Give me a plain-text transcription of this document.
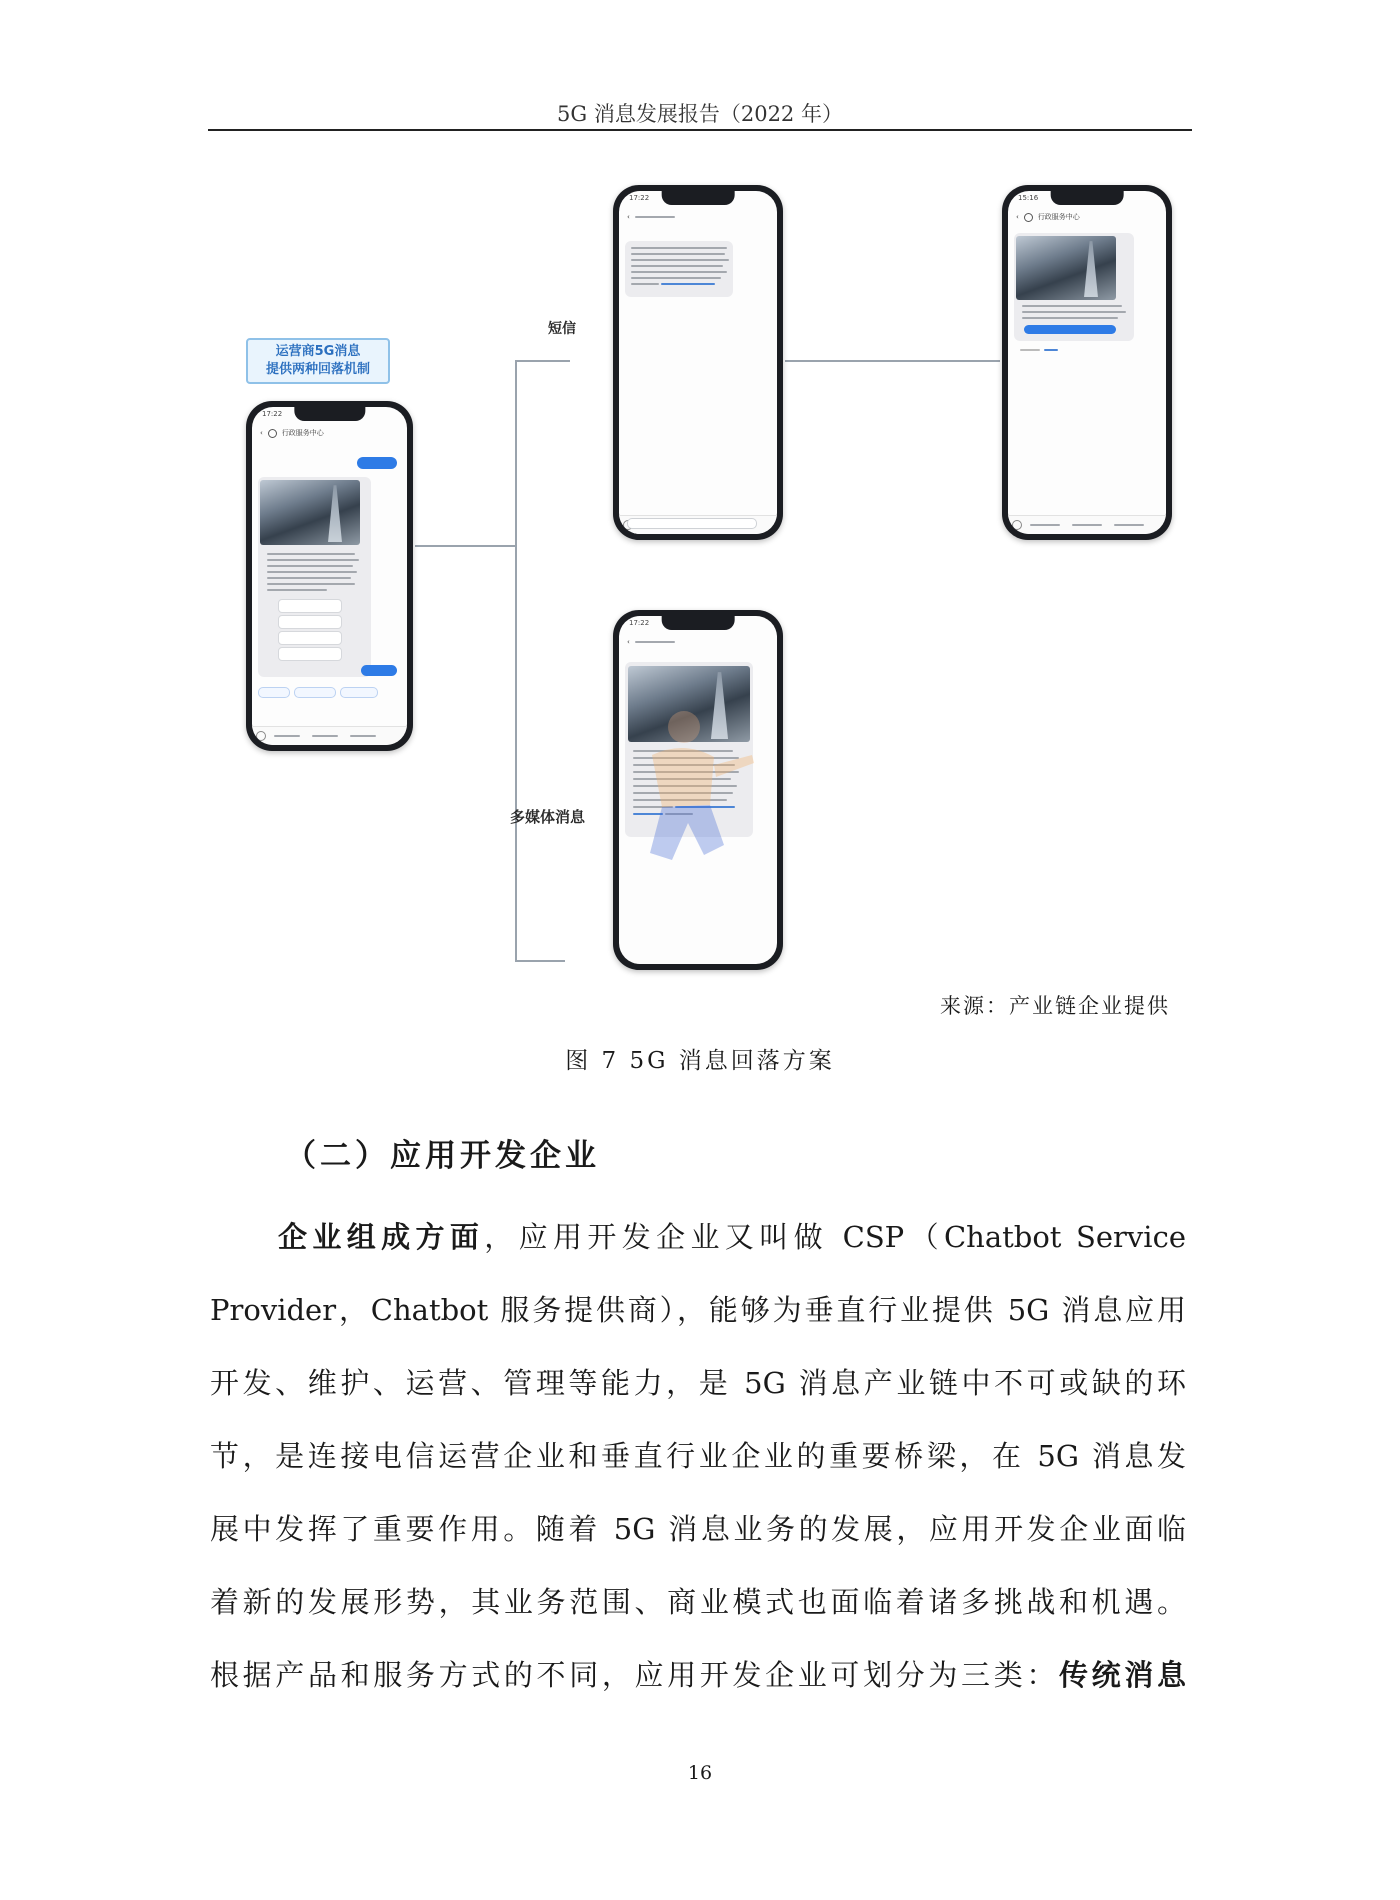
5G 消息发展报告（2022 年）
运营商5G消息
提供两种回落机制
短信
多媒体消息
17:22
‹	行政服务中心
17:22
‹
15:16
‹	行政服务中心
17:22
‹
来源：产业链企业提供
图 7 5G 消息回落方案
（二）应用开发企业
企业组成方面，应用开发企业又叫做 CSP（Chatbot Service
Provider，Chatbot 服务提供商），能够为垂直行业提供 5G 消息应用
开发、维护、运营、管理等能力，是 5G 消息产业链中不可或缺的环
节，是连接电信运营企业和垂直行业企业的重要桥梁，在 5G 消息发
展中发挥了重要作用。随着 5G 消息业务的发展，应用开发企业面临
着新的发展形势，其业务范围、商业模式也面临着诸多挑战和机遇。
根据产品和服务方式的不同，应用开发企业可划分为三类：传统消息
16
